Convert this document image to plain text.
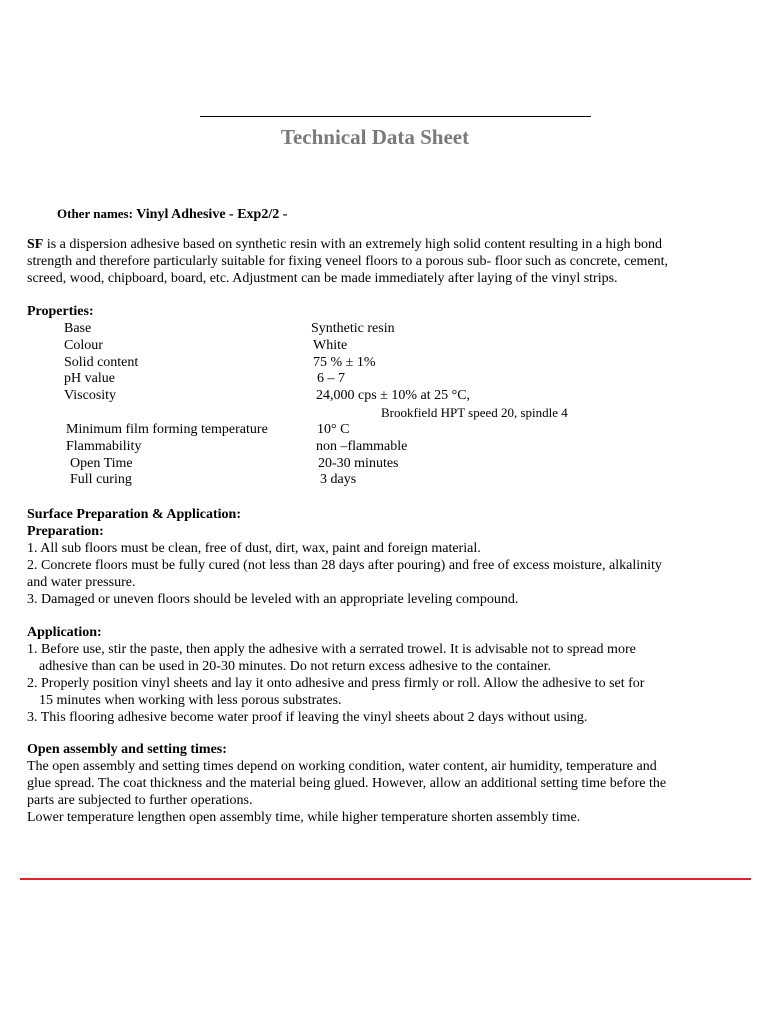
Technical Data Sheet
Other names: Vinyl Adhesive - Exp2/2 -
SF is a dispersion adhesive based on synthetic resin with an extremely high solid content resulting in a high bond
strength and therefore particularly suitable for fixing veneel floors to a porous sub- floor such as concrete, cement,
screed, wood, chipboard, board, etc. Adjustment can be made immediately after laying of the vinyl strips.
Properties:
Base	Synthetic resin
Colour	White
Solid content	75 % ± 1%
pH value	6 – 7
Viscosity	24,000 cps ± 10% at 25 °C,
Brookfield HPT speed 20, spindle 4
Minimum film forming temperature	10° C
Flammability	non –flammable
Open Time	20-30 minutes
Full curing	3 days
Surface Preparation & Application:
Preparation:
1. All sub floors must be clean, free of dust, dirt, wax, paint and foreign material.
2. Concrete floors must be fully cured (not less than 28 days after pouring) and free of excess moisture, alkalinity
and water pressure.
3. Damaged or uneven floors should be leveled with an appropriate leveling compound.
Application:
1. Before use, stir the paste, then apply the adhesive with a serrated trowel. It is advisable not to spread more
adhesive than can be used in 20-30 minutes. Do not return excess adhesive to the container.
2. Properly position vinyl sheets and lay it onto adhesive and press firmly or roll. Allow the adhesive to set for
15 minutes when working with less porous substrates.
3. This flooring adhesive become water proof if leaving the vinyl sheets about 2 days without using.
Open assembly and setting times:
The open assembly and setting times depend on working condition, water content, air humidity, temperature and
glue spread. The coat thickness and the material being glued. However, allow an additional setting time before the
parts are subjected to further operations.
Lower temperature lengthen open assembly time, while higher temperature shorten assembly time.
